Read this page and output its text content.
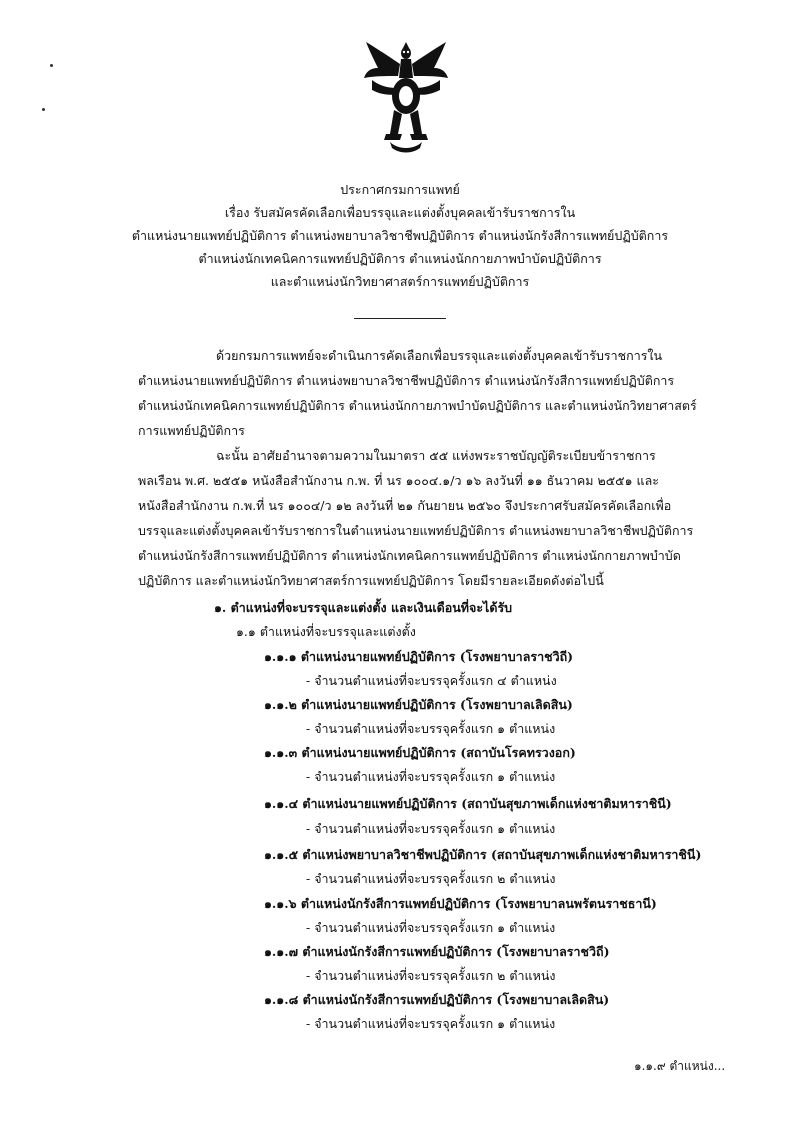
ประกาศกรมการแพทย์
เรื่อง รับสมัครคัดเลือกเพื่อบรรจุและแต่งตั้งบุคคลเข้ารับราชการใน
ตำแหน่งนายแพทย์ปฏิบัติการ ตำแหน่งพยาบาลวิชาชีพปฏิบัติการ ตำแหน่งนักรังสีการแพทย์ปฏิบัติการ
ตำแหน่งนักเทคนิคการแพทย์ปฏิบัติการ ตำแหน่งนักกายภาพบำบัดปฏิบัติการ
และตำแหน่งนักวิทยาศาสตร์การแพทย์ปฏิบัติการ
ด้วยกรมการแพทย์จะดำเนินการคัดเลือกเพื่อบรรจุและแต่งตั้งบุคคลเข้ารับราชการใน
ตำแหน่งนายแพทย์ปฏิบัติการ ตำแหน่งพยาบาลวิชาชีพปฏิบัติการ ตำแหน่งนักรังสีการแพทย์ปฏิบัติการ
ตำแหน่งนักเทคนิคการแพทย์ปฏิบัติการ ตำแหน่งนักกายภาพบำบัดปฏิบัติการ และตำแหน่งนักวิทยาศาสตร์
การแพทย์ปฏิบัติการ
ฉะนั้น อาศัยอำนาจตามความในมาตรา ๕๕ แห่งพระราชบัญญัติระเบียบข้าราชการ
พลเรือน พ.ศ. ๒๕๕๑ หนังสือสำนักงาน ก.พ. ที่ นร ๑๐๐๔.๑/ว ๑๖ ลงวันที่ ๑๑ ธันวาคม ๒๕๕๑ และ
หนังสือสำนักงาน ก.พ.ที่ นร ๑๐๐๔/ว ๑๒ ลงวันที่ ๒๑ กันยายน ๒๕๖๐ จึงประกาศรับสมัครคัดเลือกเพื่อ
บรรจุและแต่งตั้งบุคคลเข้ารับราชการในตำแหน่งนายแพทย์ปฏิบัติการ ตำแหน่งพยาบาลวิชาชีพปฏิบัติการ
ตำแหน่งนักรังสีการแพทย์ปฏิบัติการ ตำแหน่งนักเทคนิคการแพทย์ปฏิบัติการ ตำแหน่งนักกายภาพบำบัด
ปฏิบัติการ และตำแหน่งนักวิทยาศาสตร์การแพทย์ปฏิบัติการ โดยมีรายละเอียดดังต่อไปนี้
๑. ตำแหน่งที่จะบรรจุและแต่งตั้ง และเงินเดือนที่จะได้รับ
๑.๑ ตำแหน่งที่จะบรรจุและแต่งตั้ง
๑.๑.๑ ตำแหน่งนายแพทย์ปฏิบัติการ (โรงพยาบาลราชวิถี)
- จำนวนตำแหน่งที่จะบรรจุครั้งแรก ๔ ตำแหน่ง
๑.๑.๒ ตำแหน่งนายแพทย์ปฏิบัติการ (โรงพยาบาลเลิดสิน)
- จำนวนตำแหน่งที่จะบรรจุครั้งแรก ๑ ตำแหน่ง
๑.๑.๓ ตำแหน่งนายแพทย์ปฏิบัติการ (สถาบันโรคทรวงอก)
- จำนวนตำแหน่งที่จะบรรจุครั้งแรก ๑ ตำแหน่ง
๑.๑.๔ ตำแหน่งนายแพทย์ปฏิบัติการ (สถาบันสุขภาพเด็กแห่งชาติมหาราชินี)
- จำนวนตำแหน่งที่จะบรรจุครั้งแรก ๑ ตำแหน่ง
๑.๑.๕ ตำแหน่งพยาบาลวิชาชีพปฏิบัติการ (สถาบันสุขภาพเด็กแห่งชาติมหาราชินี)
- จำนวนตำแหน่งที่จะบรรจุครั้งแรก ๒ ตำแหน่ง
๑.๑.๖ ตำแหน่งนักรังสีการแพทย์ปฏิบัติการ (โรงพยาบาลนพรัตนราชธานี)
- จำนวนตำแหน่งที่จะบรรจุครั้งแรก ๑ ตำแหน่ง
๑.๑.๗ ตำแหน่งนักรังสีการแพทย์ปฏิบัติการ (โรงพยาบาลราชวิถี)
- จำนวนตำแหน่งที่จะบรรจุครั้งแรก ๒ ตำแหน่ง
๑.๑.๘ ตำแหน่งนักรังสีการแพทย์ปฏิบัติการ (โรงพยาบาลเลิดสิน)
- จำนวนตำแหน่งที่จะบรรจุครั้งแรก ๑ ตำแหน่ง
๑.๑.๙ ตำแหน่ง...
